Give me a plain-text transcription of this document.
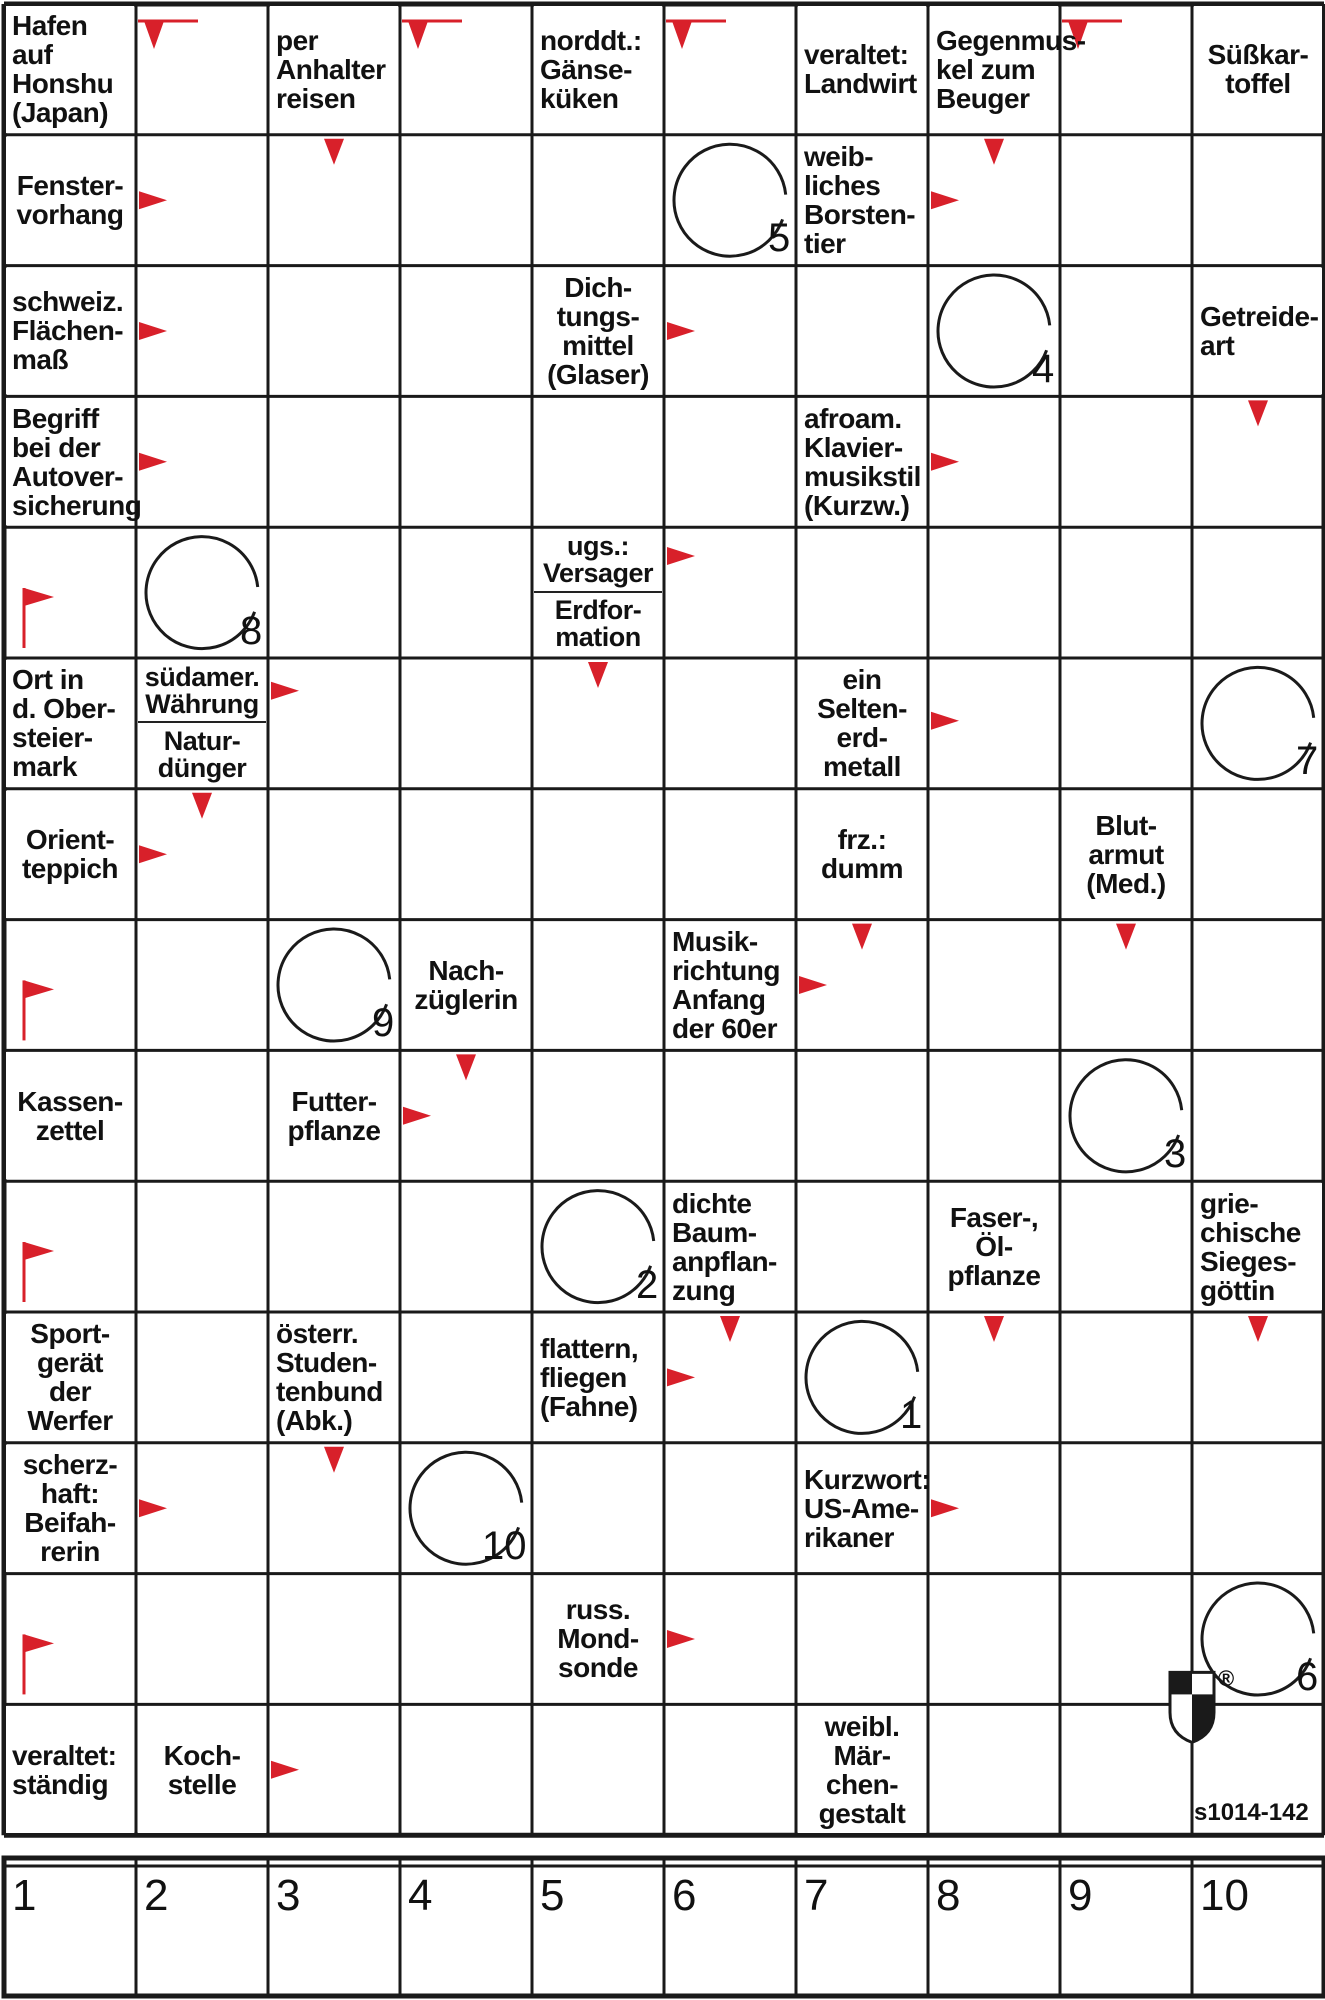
Hafen
auf
Honshu
(Japan)
per
Anhalter
reisen
norddt.:
Gänse-
küken
veraltet:
Landwirt
Gegenmus-
kel zum
Beuger
Süßkar-
toffel
Fenster-
vorhang
weib-
liches
Borsten-
tier
schweiz.
Flächen-
maß
Dich-
tungs-
mittel
(Glaser)
Getreide-
art
Begriff
bei der
Autover-
sicherung
afroam.
Klavier-
musikstil
(Kurzw.)
Ort in
d. Ober-
steier-
mark
ein
Selten-
erd-
metall
Orient-
teppich
frz.:
dumm
Blut-
armut
(Med.)
Nach-
züglerin
Musik-
richtung
Anfang
der 60er
Kassen-
zettel
Futter-
pflanze
dichte
Baum-
anpflan-
zung
Faser-,
Öl-
pflanze
grie-
chische
Sieges-
göttin
Sport-
gerät
der
Werfer
österr.
Studen-
tenbund
(Abk.)
flattern,
fliegen
(Fahne)
scherz-
haft:
Beifah-
rerin
Kurzwort:
US-Ame-
rikaner
russ.
Mond-
sonde
veraltet:
ständig
Koch-
stelle
weibl.
Mär-
chen-
gestalt
ugs.:
Versager
Erdfor-
mation
südamer.
Währung
Natur-
dünger
5
4
8
7
9
3
2
1
10
6
®
s1014-142
1 2 3 4 5 6 7 8 9 10
